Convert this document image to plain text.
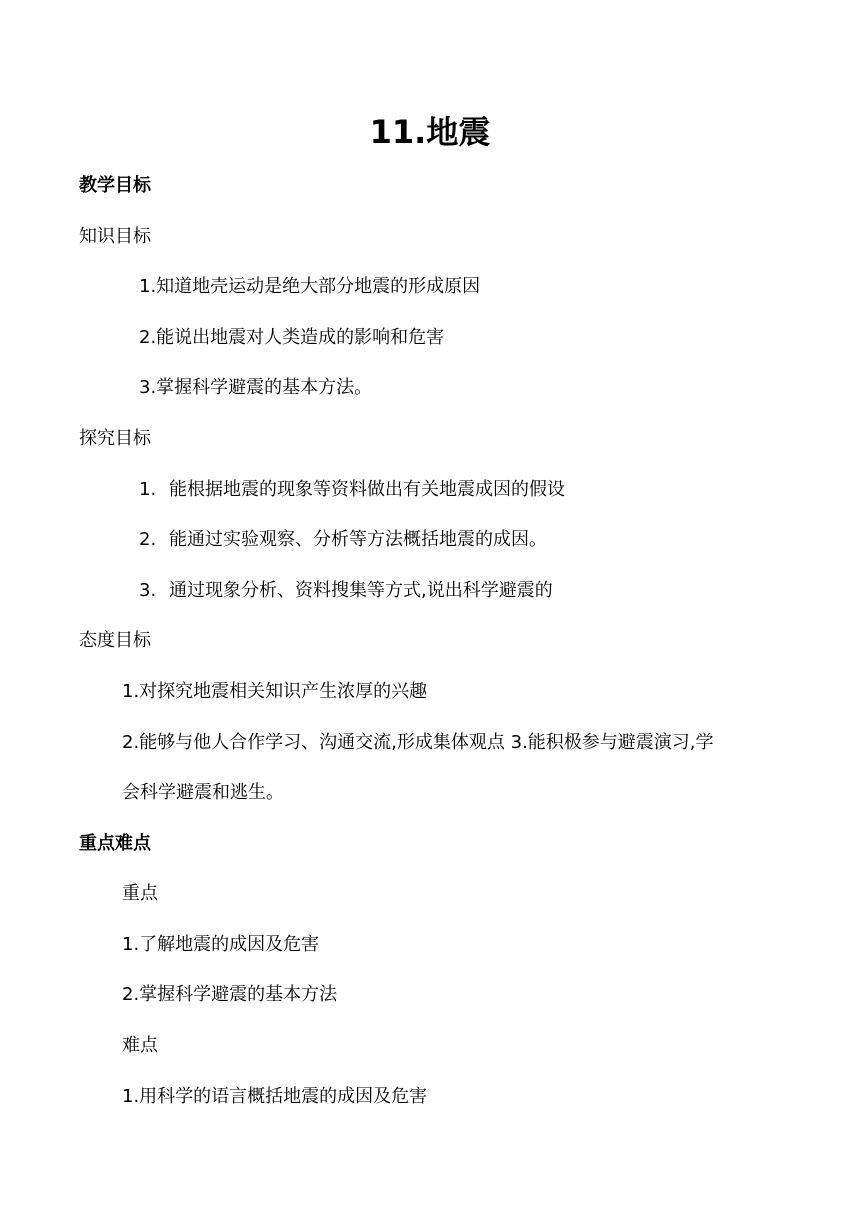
11.地震
教学目标
知识目标
1.知道地壳运动是绝大部分地震的形成原因
2.能说出地震对人类造成的影响和危害
3.掌握科学避震的基本方法。
探究目标
1. 能根据地震的现象等资料做出有关地震成因的假设
2. 能通过实验观察、分析等方法概括地震的成因。
3. 通过现象分析、资料搜集等方式,说出科学避震的
态度目标
1.对探究地震相关知识产生浓厚的兴趣
2.能够与他人合作学习、沟通交流,形成集体观点 3.能积极参与避震演习,学
会科学避震和逃生。
重点难点
重点
1.了解地震的成因及危害
2.掌握科学避震的基本方法
难点
1.用科学的语言概括地震的成因及危害
